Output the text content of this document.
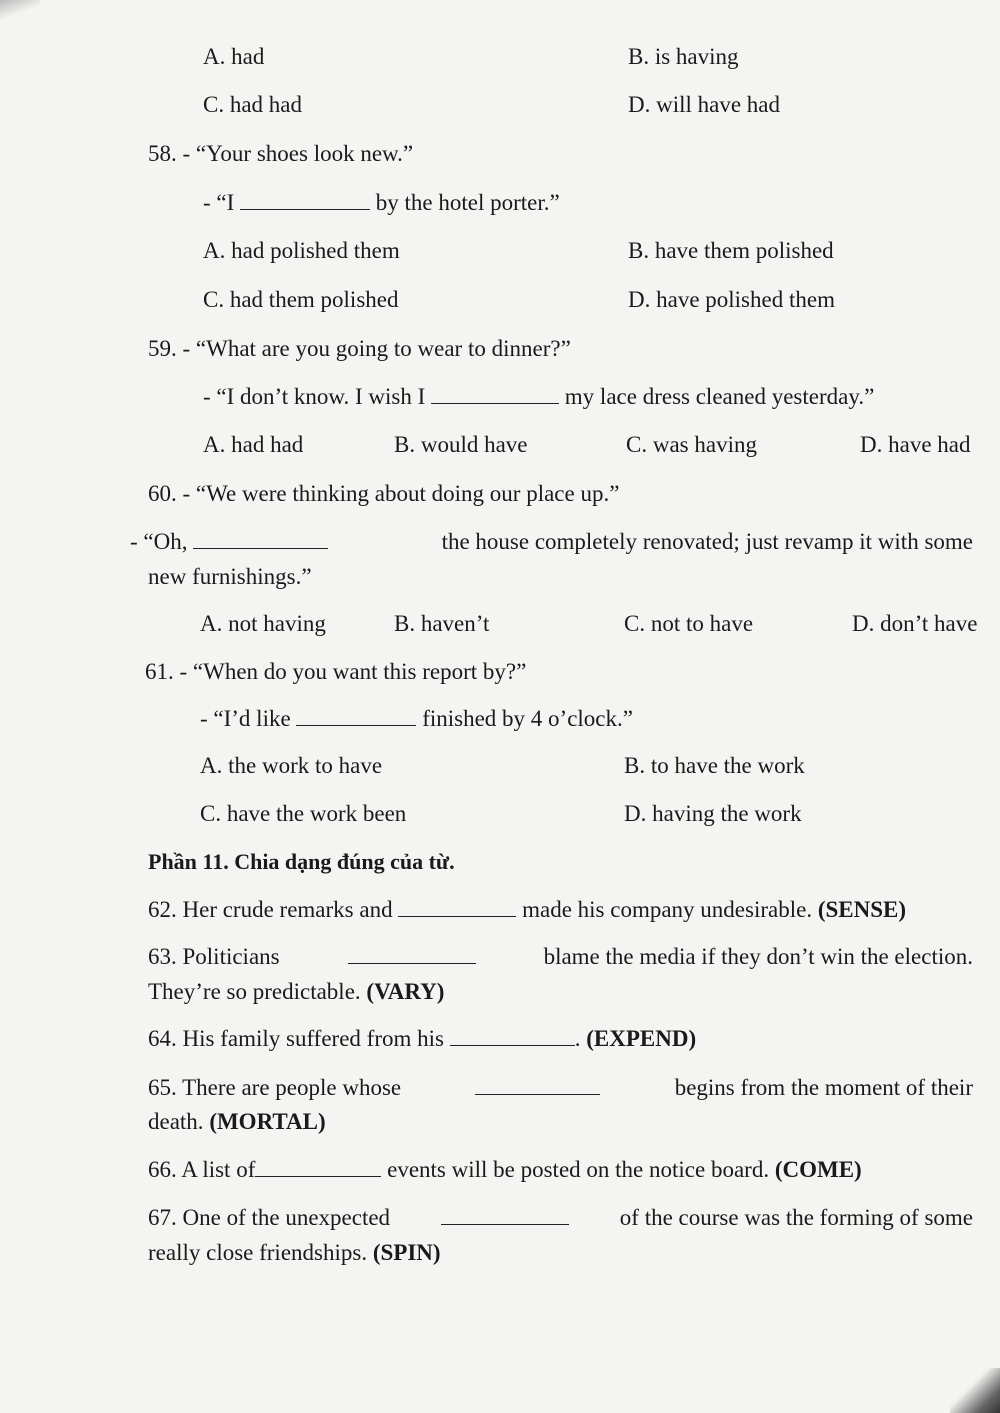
A. had	B. is having
C. had had	D. will have had
58. - “Your shoes look new.”
- “I	by the hotel porter.”
A. had polished them	B. have them polished
C. had them polished	D. have polished them
59. - “What are you going to wear to dinner?”
- “I don’t know. I wish I	my lace dress cleaned yesterday.”
A. had had	B. would have	C. was having	D. have had
60. - “We were thinking about doing our place up.”
- “Oh,	the house completely renovated; just revamp it with some
new furnishings.”
A. not having	B. haven’t	C. not to have	D. don’t have
61. - “When do you want this report by?”
- “I’d like	finished by 4 o’clock.”
A. the work to have	B. to have the work
C. have the work been	D. having the work
Phần 11. Chia dạng đúng của từ.
62. Her crude remarks and	made his company undesirable. (SENSE)
63. Politicians	blame the media if they don’t win the election.
They’re so predictable. (VARY)
64. His family suffered from his	. (EXPEND)
65. There are people whose	begins from the moment of their
death. (MORTAL)
66. A list of	events will be posted on the notice board. (COME)
67. One of the unexpected	of the course was the forming of some
really close friendships. (SPIN)
